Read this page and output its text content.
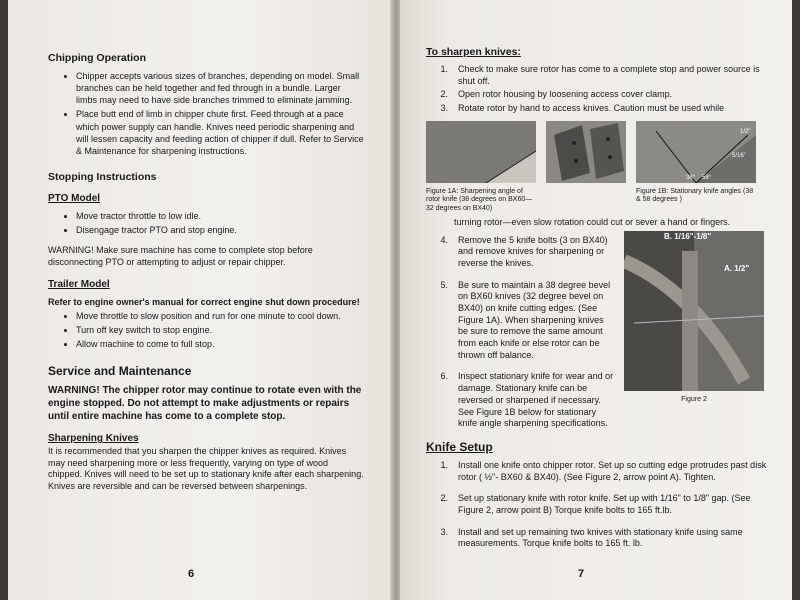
Chipping Operation
• Chipper accepts various sizes of branches, depending on model. Small branches can be held together and fed through in a bundle. Larger limbs may need to have side branches trimmed to eliminate jamming.
• Place butt end of limb in chipper chute first. Feed through at a pace which power supply can handle. Knives need periodic sharpening and will lessen capacity and feeding action of chipper if dull. Refer to Service & Maintenance for sharpening instructions.
Stopping Instructions
PTO Model
• Move tractor throttle to low idle.
• Disengage tractor PTO and stop engine.
WARNING! Make sure machine has come to complete stop before disconnecting PTO or attempting to adjust or repair chipper.
Trailer Model
Refer to engine owner's manual for correct engine shut down procedure!
• Move throttle to slow position and run for one minute to cool down.
• Turn off key switch to stop engine.
• Allow machine to come to full stop.
Service and Maintenance
WARNING! The chipper rotor may continue to rotate even with the engine stopped. Do not attempt to make adjustments or repairs until entire machine has come to a complete stop.
Sharpening Knives

It is recommended that you sharpen the chipper knives as required. Knives may need sharpening more or less frequently, varying on type of wood chipped. Knives will need to be set up to stationary knife after each sharpening. Knives are reversible and can be reversed between sharpenings.

6
To sharpen knives:
1.	Check to make sure rotor has come to a complete stop and power source is shut off.
2.	Open rotor housing by loosening access cover clamp.
3.	Rotate rotor by hand to access knives. Caution must be used while
Figure 1A: Sharpening angle of rotor knife (38 degrees on BX60— 32 degrees on BX40)
1/2"
5/16"
38° 58°
Figure 1B: Stationary knife angles (38 & 58 degrees )

turning rotor—even slow rotation could cut or sever a hand or fingers.

4.	Remove the 5 knife bolts (3 on BX40) and remove knives for sharpening or reverse the knives.
5.	Be sure to maintain a 38 degree bevel on BX60 knives (32 degree bevel on BX40) on knife cutting edges. (See Figure 1A). When sharpening knives be sure to remove the same amount from each knife or else rotor can be thrown off balance.
6.	Inspect stationary knife for wear and or damage. Stationary knife can be reversed or sharpened if necessary. See Figure 1B below for stationary knife angle sharpening specifications.
B. 1/16"-1/8"
A. 1/2"
Figure 2
Knife Setup
1.	Install one knife onto chipper rotor. Set up so cutting edge protrudes past disk rotor ( ½"- BX60 & BX40). (See Figure 2, arrow point A). Tighten.
2.	Set up stationary knife with rotor knife. Set up with 1/16" to 1/8" gap. (See Figure 2, arrow point B) Torque knife bolts to 165 ft.lb.
3.	Install and set up remaining two knives with stationary knife using same measurements. Torque knife bolts to 165 ft. lb.
7
